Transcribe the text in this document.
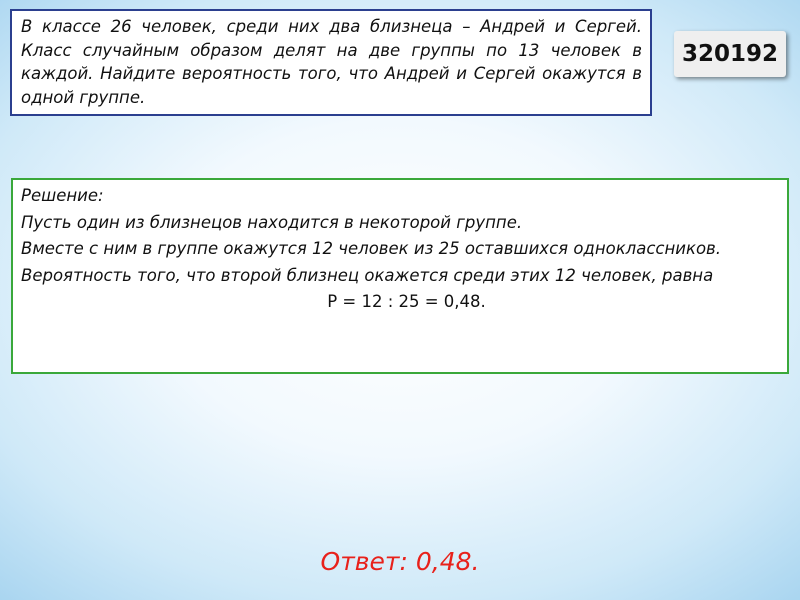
В классе 26 человек, среди них два близнеца – Андрей и Сергей. Класс случайным образом делят на две группы по 13 человек в каждой. Найдите вероятность того, что Андрей и Сергей окажутся в одной группе.
320192
Решение:
Пусть один из близнецов находится в некоторой группе.
Вместе с ним в группе окажутся 12 человек из 25 оставшихся одноклассников.
Вероятность того, что второй близнец окажется среди этих 12 человек, равна
P = 12 : 25 = 0,48.
Ответ: 0,48.
